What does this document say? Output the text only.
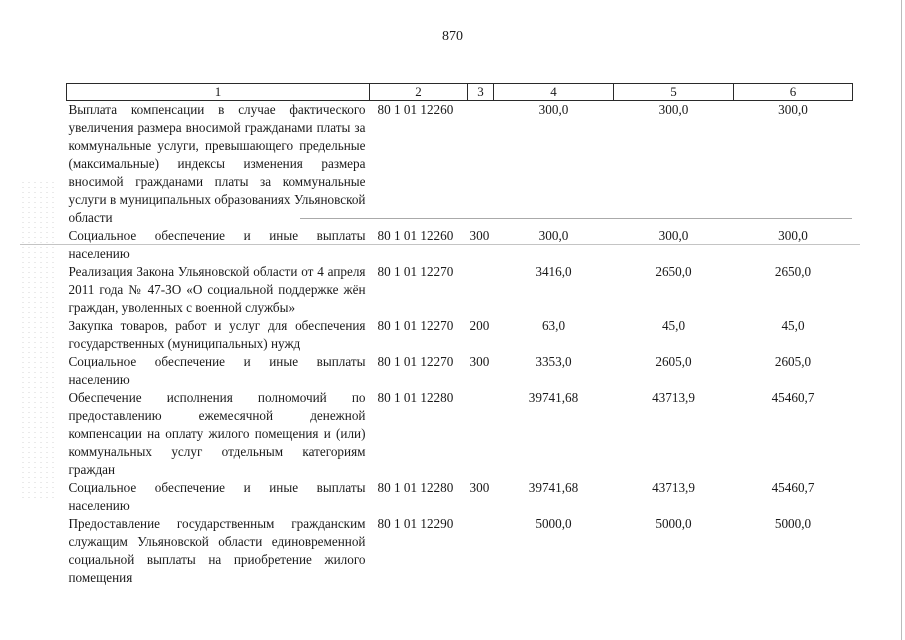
870
1	2	3	4	5	6
Выплата компенсации в случае фактического увеличения размера вносимой гражданами платы за коммунальные услуги, превышающего предельные (максимальные) индексы изменения размера вносимой гражданами платы за коммунальные услуги в муниципальных образованиях Ульяновской области	80 1 01 12260		300,0	300,0	300,0
Социальное обеспечение и иные выплаты населению	80 1 01 12260	300	300,0	300,0	300,0
Реализация Закона Ульяновской области от 4 апреля 2011 года № 47-ЗО «О социальной поддержке жён граждан, уволенных с военной службы»	80 1 01 12270		3416,0	2650,0	2650,0
Закупка товаров, работ и услуг для обеспечения государственных (муниципальных) нужд	80 1 01 12270	200	63,0	45,0	45,0
Социальное обеспечение и иные выплаты населению	80 1 01 12270	300	3353,0	2605,0	2605,0
Обеспечение исполнения полномочий по предоставлению ежемесячной денежной компенсации на оплату жилого помещения и (или) коммунальных услуг отдельным категориям граждан	80 1 01 12280		39741,68	43713,9	45460,7
Социальное обеспечение и иные выплаты населению	80 1 01 12280	300	39741,68	43713,9	45460,7
Предоставление государственным гражданским служащим Ульяновской области единовременной социальной выплаты на приобретение жилого помещения	80 1 01 12290		5000,0	5000,0	5000,0
